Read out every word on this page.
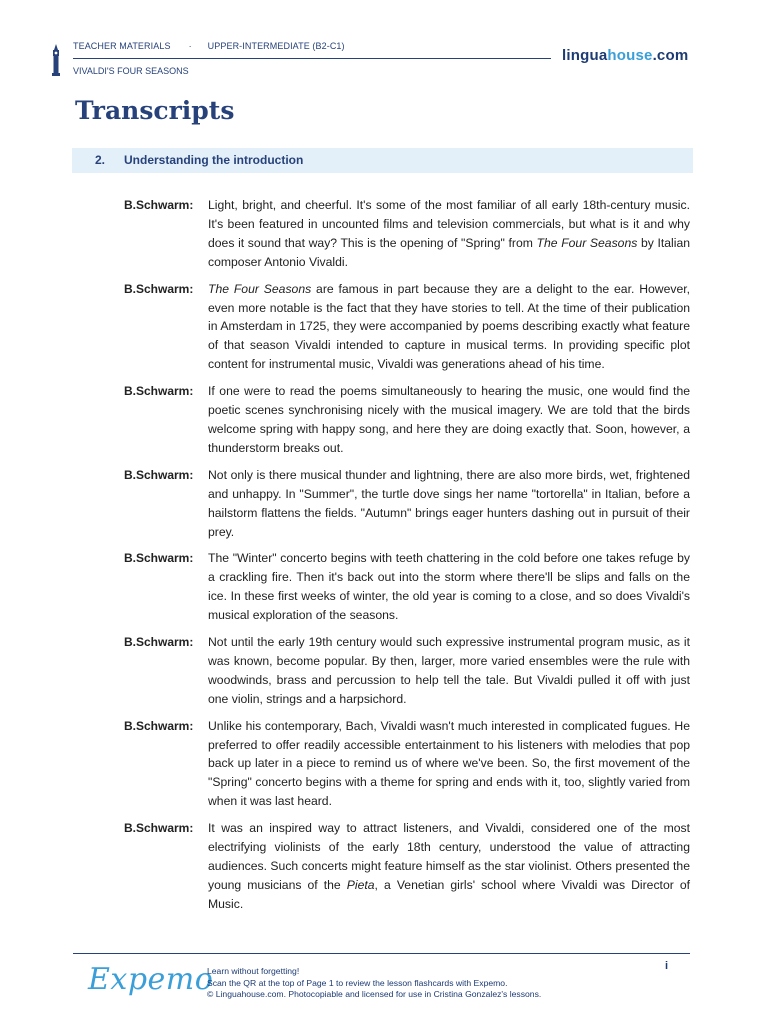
TEACHER MATERIALS · UPPER-INTERMEDIATE (B2-C1)
VIVALDI'S FOUR SEASONS
linguahouse.com
Transcripts
2. Understanding the introduction
B.Schwarm:	Light, bright, and cheerful. It's some of the most familiar of all early 18th-century music. It's been featured in uncounted films and television commercials, but what is it and why does it sound that way? This is the opening of "Spring" from The Four Seasons by Italian composer Antonio Vivaldi.
B.Schwarm:	The Four Seasons are famous in part because they are a delight to the ear. However, even more notable is the fact that they have stories to tell. At the time of their publication in Amsterdam in 1725, they were accompanied by poems describing exactly what feature of that season Vivaldi intended to capture in musical terms. In providing specific plot content for instrumental music, Vivaldi was generations ahead of his time.
B.Schwarm:	If one were to read the poems simultaneously to hearing the music, one would find the poetic scenes synchronising nicely with the musical imagery. We are told that the birds welcome spring with happy song, and here they are doing exactly that. Soon, however, a thunderstorm breaks out.
B.Schwarm:	Not only is there musical thunder and lightning, there are also more birds, wet, frightened and unhappy. In "Summer", the turtle dove sings her name "tortorella" in Italian, before a hailstorm flattens the fields. "Autumn" brings eager hunters dashing out in pursuit of their prey.
B.Schwarm:	The "Winter" concerto begins with teeth chattering in the cold before one takes refuge by a crackling fire. Then it's back out into the storm where there'll be slips and falls on the ice. In these first weeks of winter, the old year is coming to a close, and so does Vivaldi's musical exploration of the seasons.
B.Schwarm:	Not until the early 19th century would such expressive instrumental program music, as it was known, become popular. By then, larger, more varied ensembles were the rule with woodwinds, brass and percussion to help tell the tale. But Vivaldi pulled it off with just one violin, strings and a harpsichord.
B.Schwarm:	Unlike his contemporary, Bach, Vivaldi wasn't much interested in complicated fugues. He preferred to offer readily accessible entertainment to his listeners with melodies that pop back up later in a piece to remind us of where we've been. So, the first movement of the "Spring" concerto begins with a theme for spring and ends with it, too, slightly varied from when it was last heard.
B.Schwarm:	It was an inspired way to attract listeners, and Vivaldi, considered one of the most electrifying violinists of the early 18th century, understood the value of attracting audiences. Such concerts might feature himself as the star violinist. Others presented the young musicians of the Pieta, a Venetian girls' school where Vivaldi was Director of Music.
Expemo
Learn without forgetting!
Scan the QR at the top of Page 1 to review the lesson flashcards with Expemo.
© Linguahouse.com. Photocopiable and licensed for use in Cristina Gonzalez's lessons.
i
